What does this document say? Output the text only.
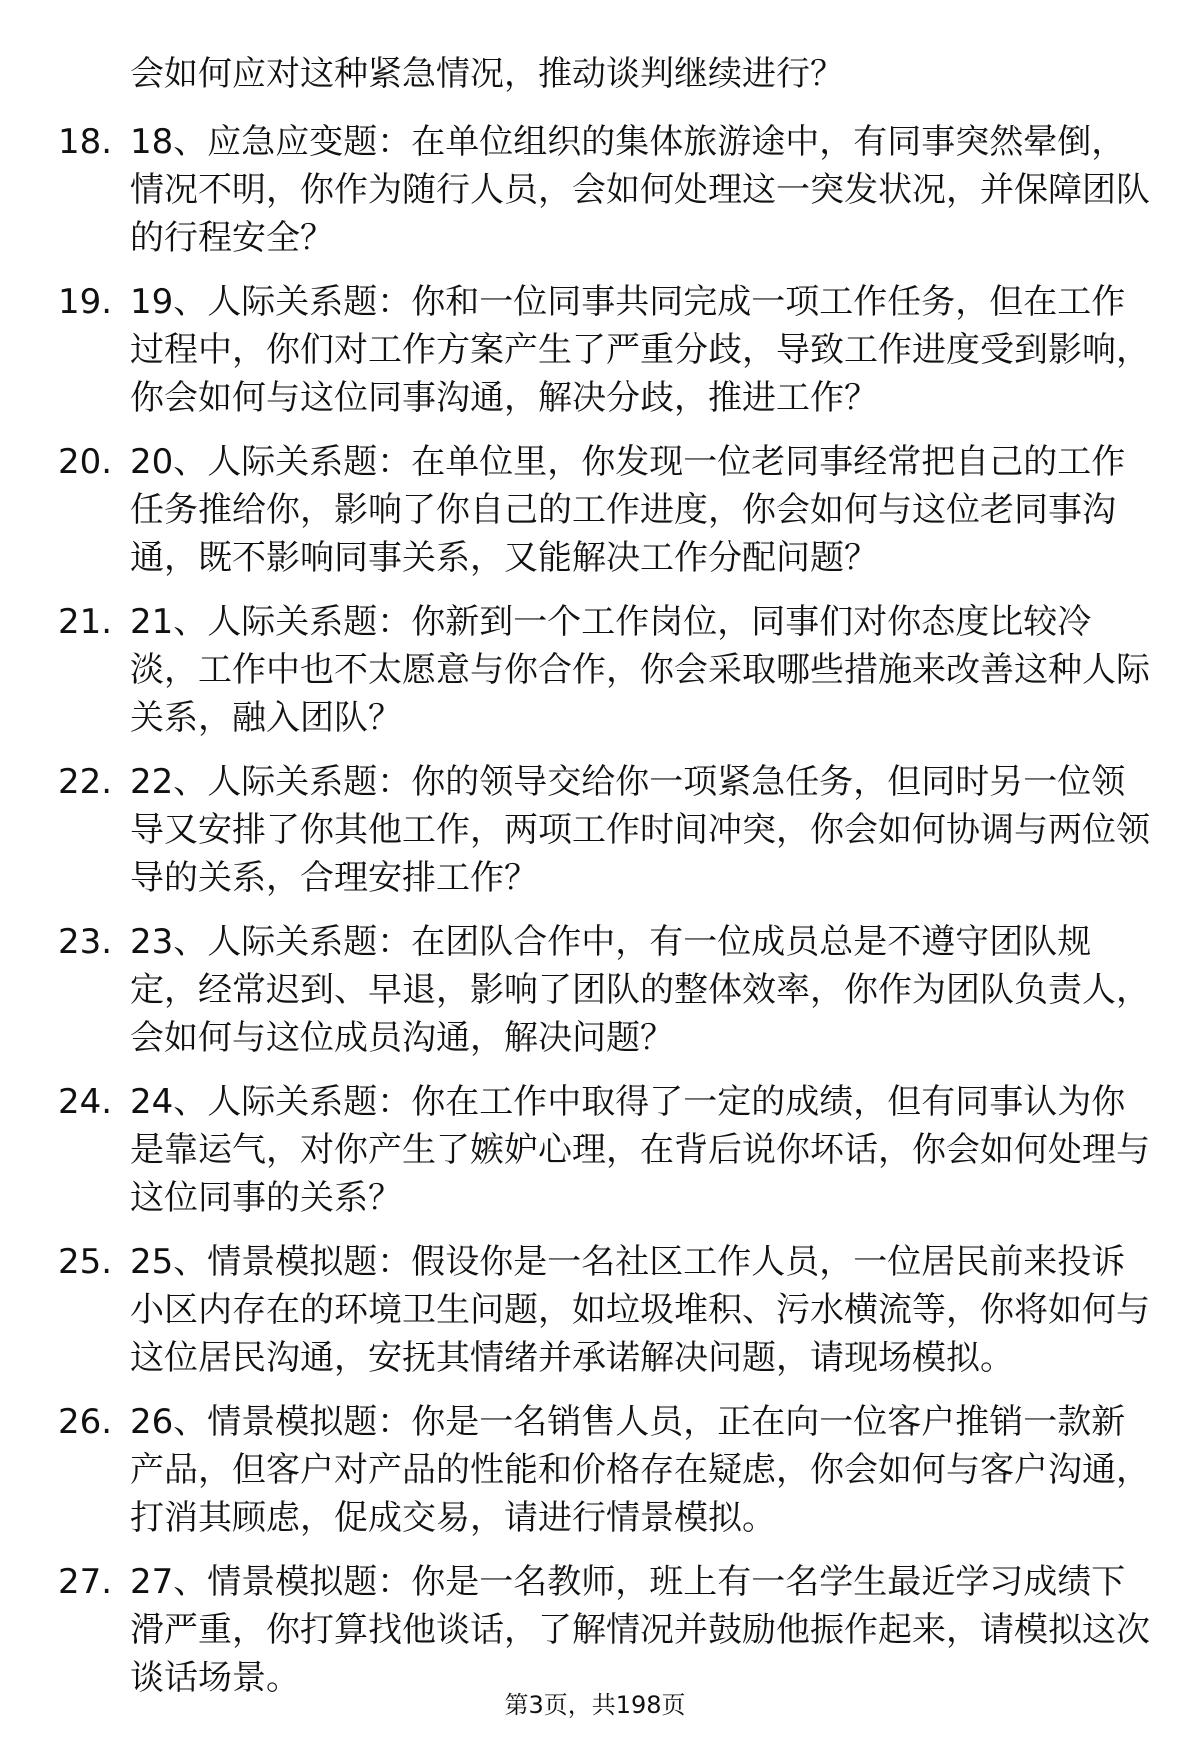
会如何应对这种紧急情况，推动谈判继续进行？
18. 18、应急应变题：在单位组织的集体旅游途中，有同事突然晕倒，情况不明，你作为随行人员，会如何处理这一突发状况，并保障团队的行程安全？
19. 19、人际关系题：你和一位同事共同完成一项工作任务，但在工作过程中，你们对工作方案产生了严重分歧，导致工作进度受到影响，你会如何与这位同事沟通，解决分歧，推进工作？
20. 20、人际关系题：在单位里，你发现一位老同事经常把自己的工作任务推给你，影响了你自己的工作进度，你会如何与这位老同事沟通，既不影响同事关系，又能解决工作分配问题？
21. 21、人际关系题：你新到一个工作岗位，同事们对你态度比较冷淡，工作中也不太愿意与你合作，你会采取哪些措施来改善这种人际关系，融入团队？
22. 22、人际关系题：你的领导交给你一项紧急任务，但同时另一位领导又安排了你其他工作，两项工作时间冲突，你会如何协调与两位领导的关系，合理安排工作？
23. 23、人际关系题：在团队合作中，有一位成员总是不遵守团队规定，经常迟到、早退，影响了团队的整体效率，你作为团队负责人，会如何与这位成员沟通，解决问题？
24. 24、人际关系题：你在工作中取得了一定的成绩，但有同事认为你是靠运气，对你产生了嫉妒心理，在背后说你坏话，你会如何处理与这位同事的关系？
25. 25、情景模拟题：假设你是一名社区工作人员，一位居民前来投诉小区内存在的环境卫生问题，如垃圾堆积、污水横流等，你将如何与这位居民沟通，安抚其情绪并承诺解决问题，请现场模拟。
26. 26、情景模拟题：你是一名销售人员，正在向一位客户推销一款新产品，但客户对产品的性能和价格存在疑虑，你会如何与客户沟通，打消其顾虑，促成交易，请进行情景模拟。
27. 27、情景模拟题：你是一名教师，班上有一名学生最近学习成绩下滑严重，你打算找他谈话，了解情况并鼓励他振作起来，请模拟这次谈话场景。
第3页，共198页
